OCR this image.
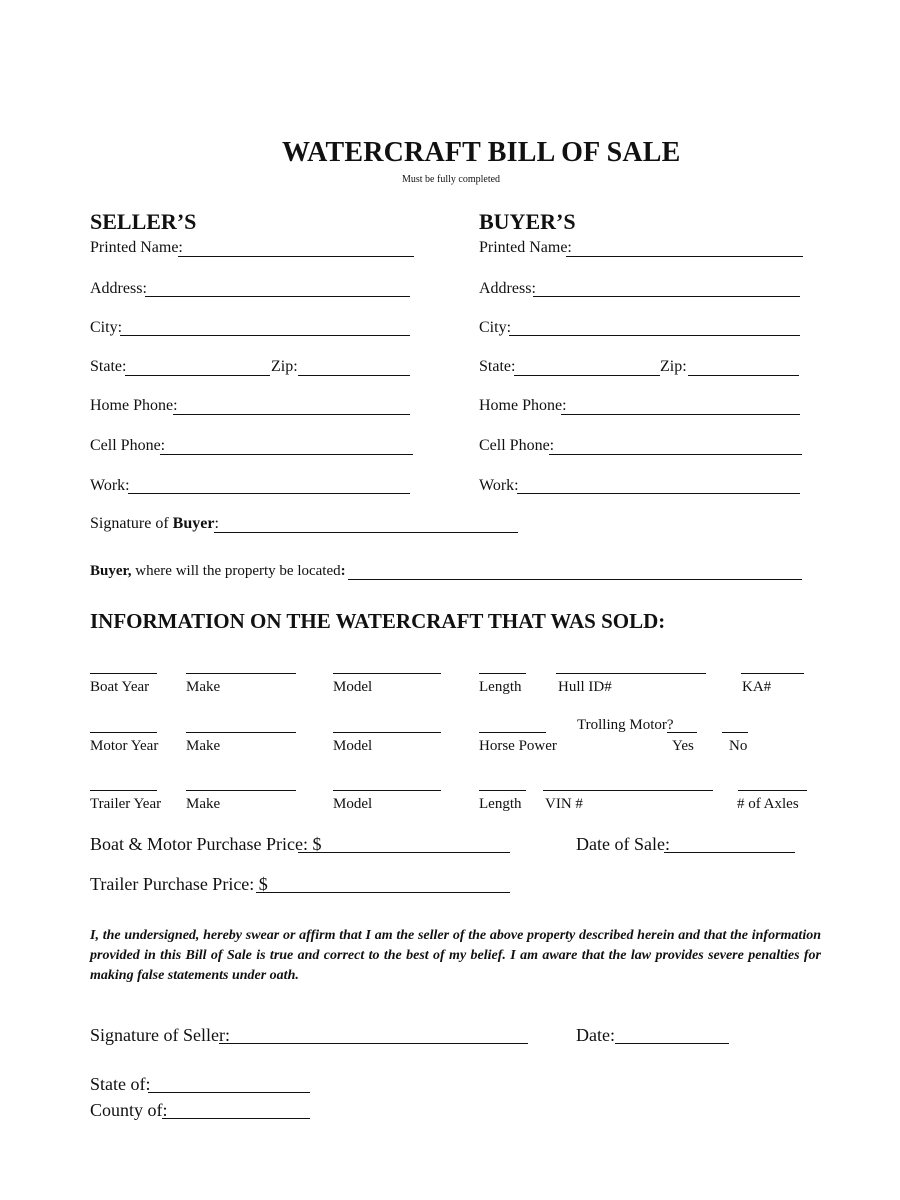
WATERCRAFT BILL OF SALE
Must be fully completed
SELLER’S
Printed Name:
Address:
City:
State:	Zip:
Home Phone:
Cell Phone:
Work:
BUYER’S
Printed Name:
Address:
City:
State:	Zip:
Home Phone:
Cell Phone:
Work:
Signature of Buyer:
Buyer, where will the property be located:
INFORMATION ON THE WATERCRAFT THAT WAS SOLD:
Boat Year Make	Model	Length Hull ID#	KA#
Trolling Motor?
Motor Year Make	Model	Horse Power	Yes No
Trailer Year Make	Model	Length VIN #	# of Axles
Boat & Motor Purchase Price: $	Date of Sale:
Trailer Purchase Price: $
I, the undersigned, hereby swear or affirm that I am the seller of the above property described herein and that the information provided in this Bill of Sale is true and correct to the best of my belief. I am aware that the law provides severe penalties for making false statements under oath.
Signature of Seller:	Date:
State of:
County of:
